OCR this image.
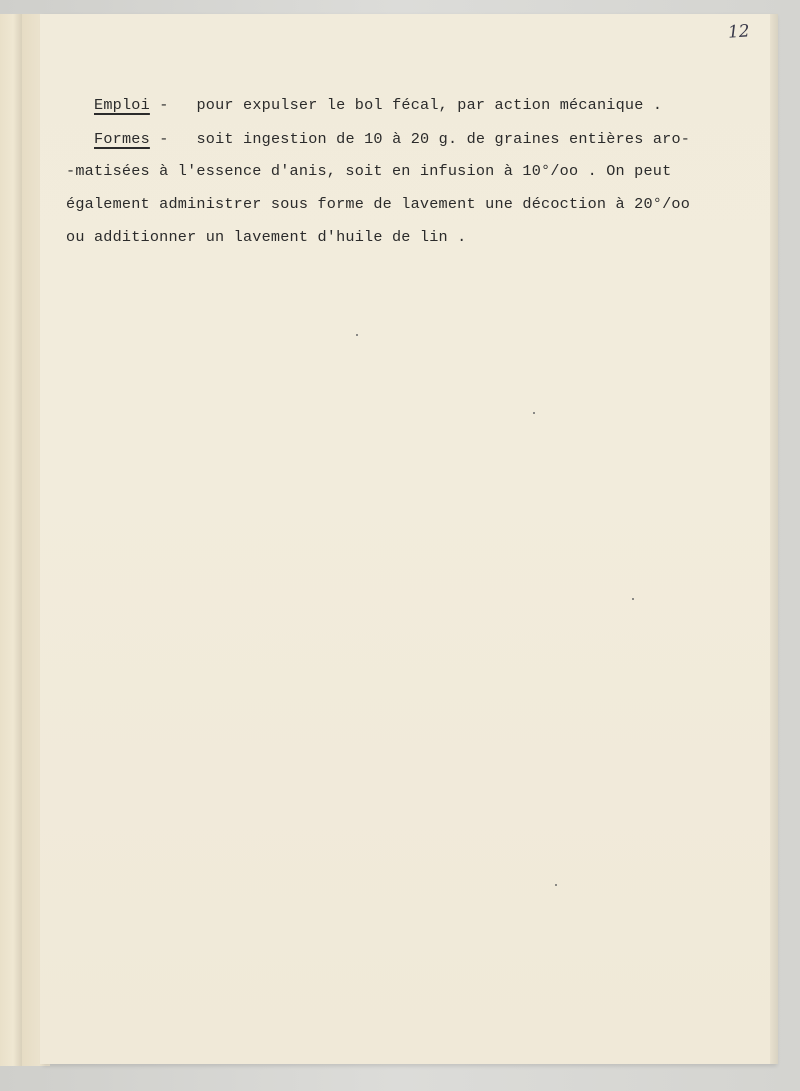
12
Emploi -   pour expulser le bol fécal, par action mécanique .
Formes -   soit ingestion de 10 à 20 g. de graines entières aro-
-matisées à l'essence d'anis, soit en infusion à 10°/oo . On peut
également administrer sous forme de lavement une décoction à 20°/oo
ou additionner un lavement d'huile de lin .
